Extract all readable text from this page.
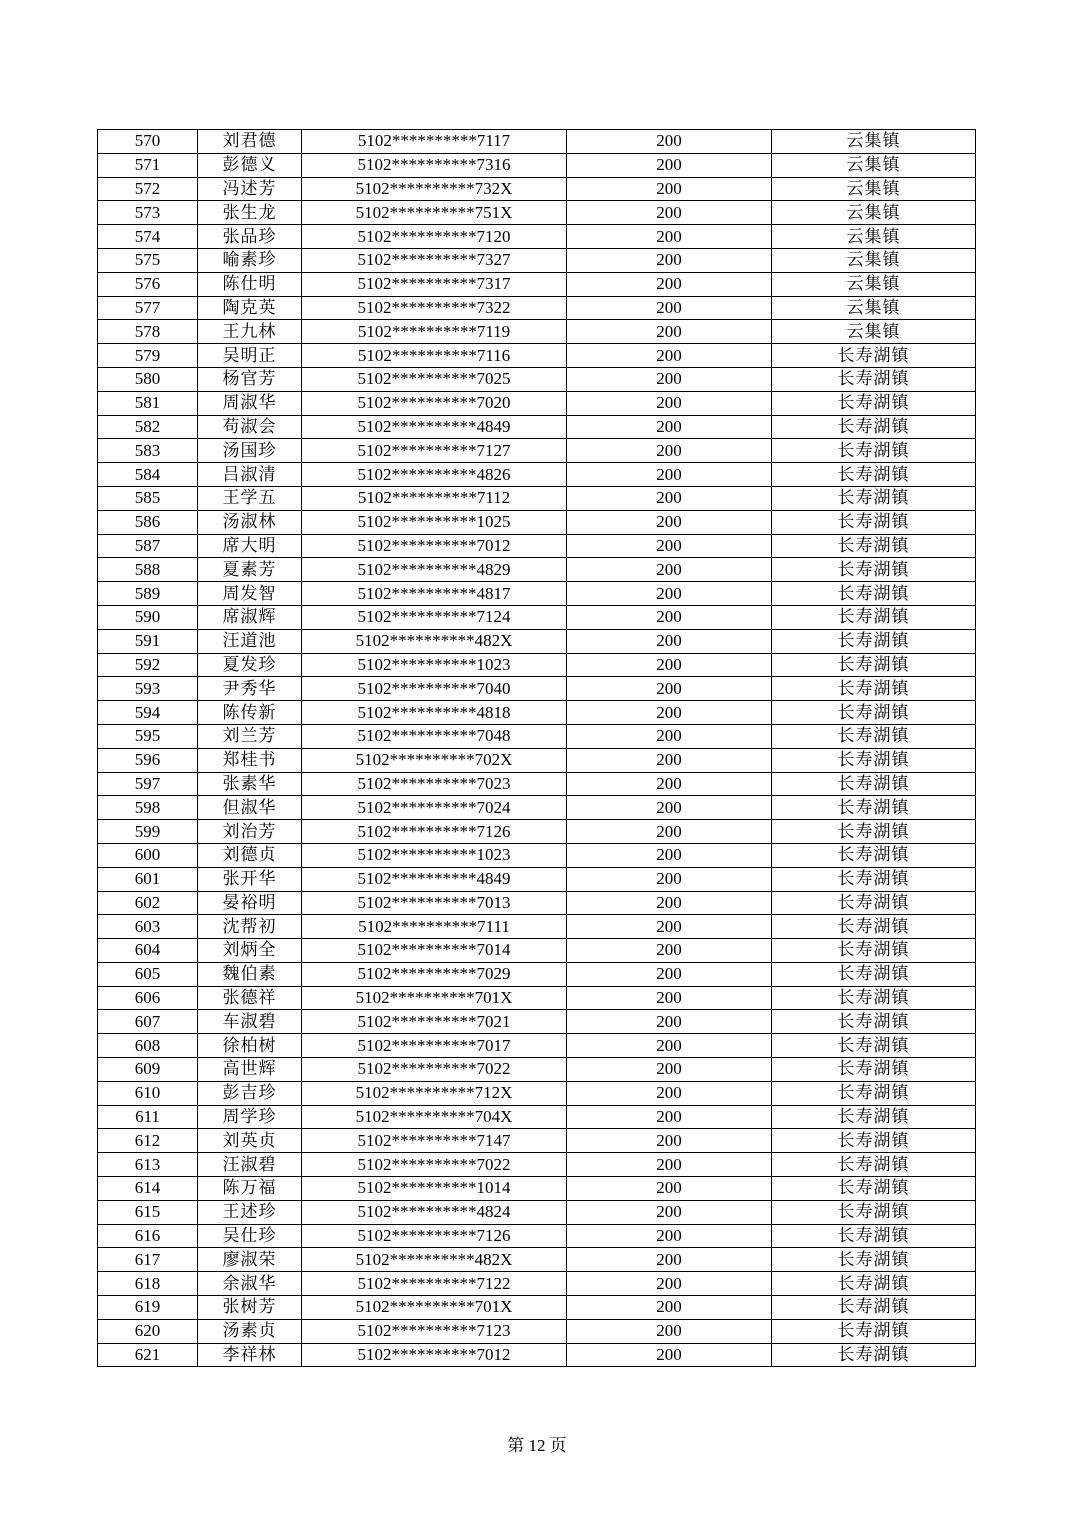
570	刘君德	5102**********7117	200	云集镇
571	彭德义	5102**********7316	200	云集镇
572	冯述芳	5102**********732X	200	云集镇
573	张生龙	5102**********751X	200	云集镇
574	张品珍	5102**********7120	200	云集镇
575	喻素珍	5102**********7327	200	云集镇
576	陈仕明	5102**********7317	200	云集镇
577	陶克英	5102**********7322	200	云集镇
578	王九林	5102**********7119	200	云集镇
579	吴明正	5102**********7116	200	长寿湖镇
580	杨官芳	5102**********7025	200	长寿湖镇
581	周淑华	5102**********7020	200	长寿湖镇
582	苟淑会	5102**********4849	200	长寿湖镇
583	汤国珍	5102**********7127	200	长寿湖镇
584	吕淑清	5102**********4826	200	长寿湖镇
585	王学五	5102**********7112	200	长寿湖镇
586	汤淑林	5102**********1025	200	长寿湖镇
587	席大明	5102**********7012	200	长寿湖镇
588	夏素芳	5102**********4829	200	长寿湖镇
589	周发智	5102**********4817	200	长寿湖镇
590	席淑辉	5102**********7124	200	长寿湖镇
591	汪道池	5102**********482X	200	长寿湖镇
592	夏发珍	5102**********1023	200	长寿湖镇
593	尹秀华	5102**********7040	200	长寿湖镇
594	陈传新	5102**********4818	200	长寿湖镇
595	刘兰芳	5102**********7048	200	长寿湖镇
596	郑桂书	5102**********702X	200	长寿湖镇
597	张素华	5102**********7023	200	长寿湖镇
598	但淑华	5102**********7024	200	长寿湖镇
599	刘治芳	5102**********7126	200	长寿湖镇
600	刘德贞	5102**********1023	200	长寿湖镇
601	张开华	5102**********4849	200	长寿湖镇
602	晏裕明	5102**********7013	200	长寿湖镇
603	沈帮初	5102**********7111	200	长寿湖镇
604	刘炳全	5102**********7014	200	长寿湖镇
605	魏伯素	5102**********7029	200	长寿湖镇
606	张德祥	5102**********701X	200	长寿湖镇
607	车淑碧	5102**********7021	200	长寿湖镇
608	徐柏树	5102**********7017	200	长寿湖镇
609	高世辉	5102**********7022	200	长寿湖镇
610	彭吉珍	5102**********712X	200	长寿湖镇
611	周学珍	5102**********704X	200	长寿湖镇
612	刘英贞	5102**********7147	200	长寿湖镇
613	汪淑碧	5102**********7022	200	长寿湖镇
614	陈万福	5102**********1014	200	长寿湖镇
615	王述珍	5102**********4824	200	长寿湖镇
616	吴仕珍	5102**********7126	200	长寿湖镇
617	廖淑荣	5102**********482X	200	长寿湖镇
618	余淑华	5102**********7122	200	长寿湖镇
619	张树芳	5102**********701X	200	长寿湖镇
620	汤素贞	5102**********7123	200	长寿湖镇
621	李祥林	5102**********7012	200	长寿湖镇
第 12 页
